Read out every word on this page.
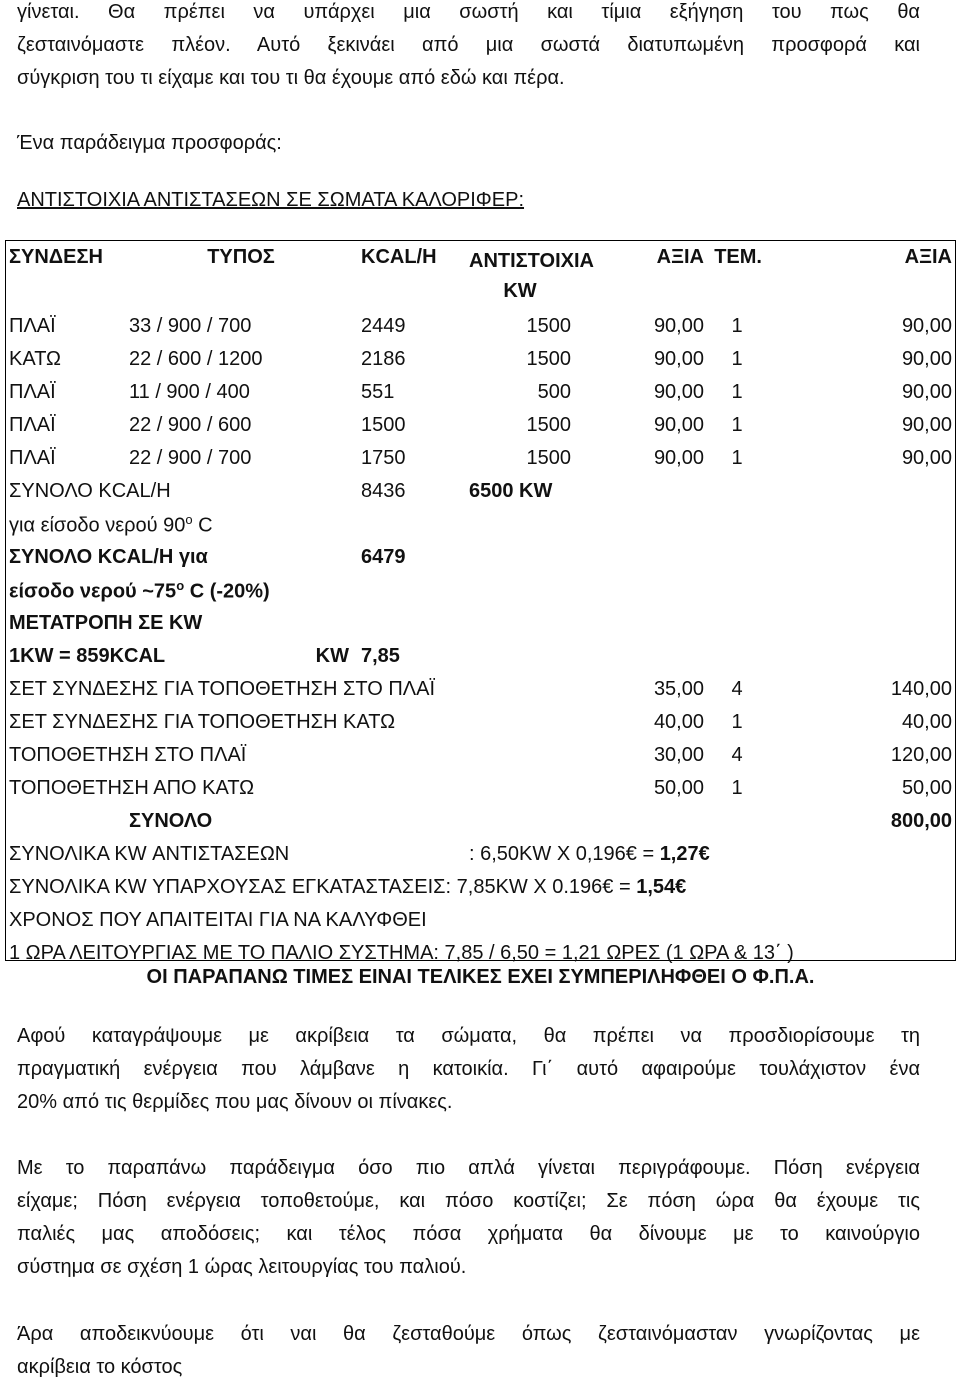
γίνεται. Θα πρέπει να υπάρχει μια σωστή και τίμια εξήγηση του πως θα
ζεσταινόμαστε πλέον. Αυτό ξεκινάει από μια σωστά διατυπωμένη προσφορά και
σύγκριση του τι είχαμε και του τι θα έχουμε από εδώ και πέρα.
Ένα παράδειγμα προσφοράς:
ΑΝΤΙΣΤΟΙΧΙΑ ΑΝΤΙΣΤΑΣΕΩΝ ΣΕ ΣΩΜΑΤΑ ΚΑΛΟΡΙΦΕΡ:
ΣΥΝΔΕΣΗ	ΤΥΠΟΣ	KCAL/H	ΑΝΤΙΣΤΟΙΧΙΑ
KW	ΑΞΙΑ	ΤΕΜ.	ΑΞΙΑ
ΠΛΑΪ	33 / 900 / 700	2449	1500	90,00	1	90,00
ΚΑΤΩ	22 / 600 / 1200	2186	1500	90,00	1	90,00
ΠΛΑΪ	11 / 900 / 400	551	500	90,00	1	90,00
ΠΛΑΪ	22 / 900 / 600	1500	1500	90,00	1	90,00
ΠΛΑΪ	22 / 900 / 700	1750	1500	90,00	1	90,00
ΣΥΝΟΛΟ KCAL/H		8436	6500 KW			
για είσοδο νερού $90^o$ C						
ΣΥΝΟΛΟ KCAL/H για		6479				
είσοδο νερού $\sim 75^o$ C (-20%)						
ΜΕΤΑΤΡΟΠΗ ΣΕ KW						
1KW = 859KCAL KW		7,85				
ΣΕΤ ΣΥΝΔΕΣΗΣ ΓΙΑ ΤΟΠΟΘΕΤΗΣΗ ΣΤΟ ΠΛΑΪ				35,00	4	140,00
ΣΕΤ ΣΥΝΔΕΣΗΣ ΓΙΑ ΤΟΠΟΘΕΤΗΣΗ ΚΑΤΩ				40,00	1	40,00
ΤΟΠΟΘΕΤΗΣΗ ΣΤΟ ΠΛΑΪ				30,00	4	120,00
ΤΟΠΟΘΕΤΗΣΗ ΑΠΟ ΚΑΤΩ				50,00	1	50,00
	ΣΥΝΟΛΟ					800,00
ΣΥΝΟΛΙΚΑ KW ΑΝΤΙΣΤΑΣΕΩΝ			: 6,50KW X 0,196€ = 1,27€			
ΣΥΝΟΛΙΚΑ KW ΥΠΑΡΧΟΥΣΑΣ ΕΓΚΑΤΑΣΤΑΣΕΙΣ: 7,85KW X 0.196€ = 1,54€						
ΧΡΟΝΟΣ ΠΟΥ ΑΠΑΙΤΕΙΤΑΙ ΓΙΑ ΝΑ ΚΑΛΥΦΘΕΙ						
1 ΩΡΑ ΛΕΙΤΟΥΡΓΙΑΣ ΜΕ ΤΟ ΠΑΛΙΟ ΣΥΣΤΗΜΑ: 7,85 / 6,50 = 1,21 ΩΡΕΣ (1 ΩΡΑ & 13΄ )						
ΟΙ ΠΑΡΑΠΑΝΩ ΤΙΜΕΣ ΕΙΝΑΙ ΤΕΛΙΚΕΣ ΕΧΕΙ ΣΥΜΠΕΡΙΛΗΦΘΕΙ Ο Φ.Π.Α.
Αφού καταγράψουμε με ακρίβεια τα σώματα, θα πρέπει να προσδιορίσουμε τη
πραγματική ενέργεια που λάμβανε η κατοικία. Γι΄ αυτό αφαιρούμε τουλάχιστον ένα
20% από τις θερμίδες που μας δίνουν οι πίνακες.
Με το παραπάνω παράδειγμα όσο πιο απλά γίνεται περιγράφουμε. Πόση ενέργεια
είχαμε; Πόση ενέργεια τοποθετούμε, και πόσο κοστίζει; Σε πόση ώρα θα έχουμε τις
παλιές μας αποδόσεις; και τέλος πόσα χρήματα θα δίνουμε με το καινούργιο
σύστημα σε σχέση 1 ώρας λειτουργίας του παλιού.
Άρα αποδεικνύουμε ότι ναι θα ζεσταθούμε όπως ζεσταινόμασταν γνωρίζοντας με
ακρίβεια το κόστος
